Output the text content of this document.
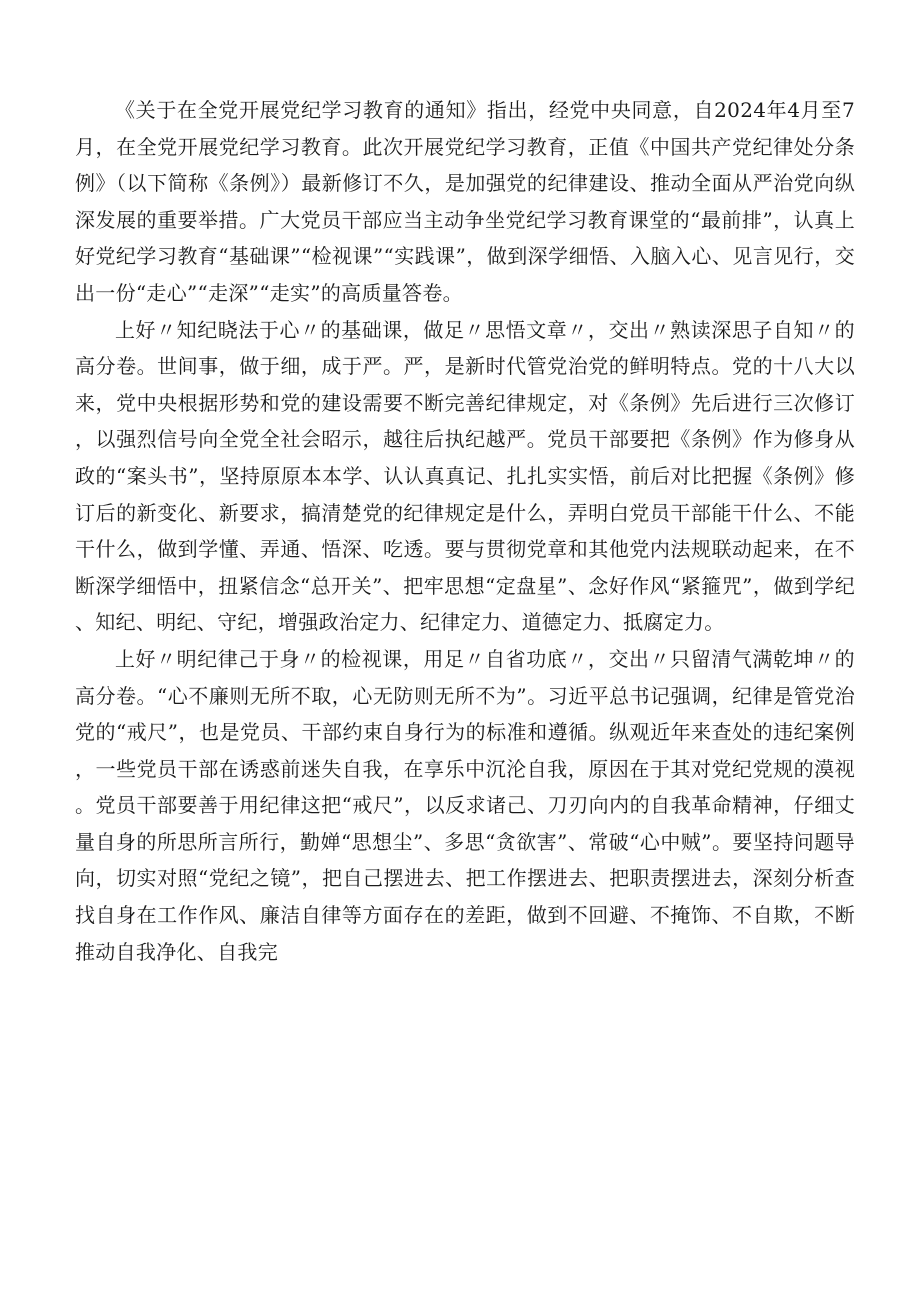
《关于在全党开展党纪学习教育的通知》指出，经党中央同意，自2024年4月至7月，在全党开展党纪学习教育。此次开展党纪学习教育，正值《中国共产党纪律处分条例》（以下简称《条例》）最新修订不久，是加强党的纪律建设、推动全面从严治党向纵深发展的重要举措。广大党员干部应当主动争坐党纪学习教育课堂的“最前排”，认真上好党纪学习教育“基础课”“检视课”“实践课”，做到深学细悟、入脑入心、见言见行，交出一份“走心”“走深”“走实”的高质量答卷。

上好〃知纪晓法于心〃的基础课，做足〃思悟文章〃，交出〃熟读深思子自知〃的高分卷。世间事，做于细，成于严。严，是新时代管党治党的鲜明特点。党的十八大以来，党中央根据形势和党的建设需要不断完善纪律规定，对《条例》先后进行三次修订，以强烈信号向全党全社会昭示，越往后执纪越严。党员干部要把《条例》作为修身从政的“案头书”，坚持原原本本学、认认真真记、扎扎实实悟，前后对比把握《条例》修订后的新变化、新要求，搞清楚党的纪律规定是什么，弄明白党员干部能干什么、不能干什么，做到学懂、弄通、悟深、吃透。要与贯彻党章和其他党内法规联动起来，在不断深学细悟中，扭紧信念“总开关”、把牢思想“定盘星”、念好作风“紧箍咒”，做到学纪、知纪、明纪、守纪，增强政治定力、纪律定力、道德定力、抵腐定力。

上好〃明纪律己于身〃的检视课，用足〃自省功底〃，交出〃只留清气满乾坤〃的高分卷。“心不廉则无所不取，心无防则无所不为”。习近平总书记强调，纪律是管党治党的“戒尺”，也是党员、干部约束自身行为的标准和遵循。纵观近年来查处的违纪案例，一些党员干部在诱惑前迷失自我，在享乐中沉沦自我，原因在于其对党纪党规的漠视。党员干部要善于用纪律这把“戒尺”，以反求诸己、刀刃向内的自我革命精神，仔细丈量自身的所思所言所行，勤婵“思想尘”、多思“贪欲害”、常破“心中贼”。要坚持问题导向，切实对照“党纪之镜”，把自己摆进去、把工作摆进去、把职责摆进去，深刻分析查找自身在工作作风、廉洁自律等方面存在的差距，做到不回避、不掩饰、不自欺，不断推动自我净化、自我完
